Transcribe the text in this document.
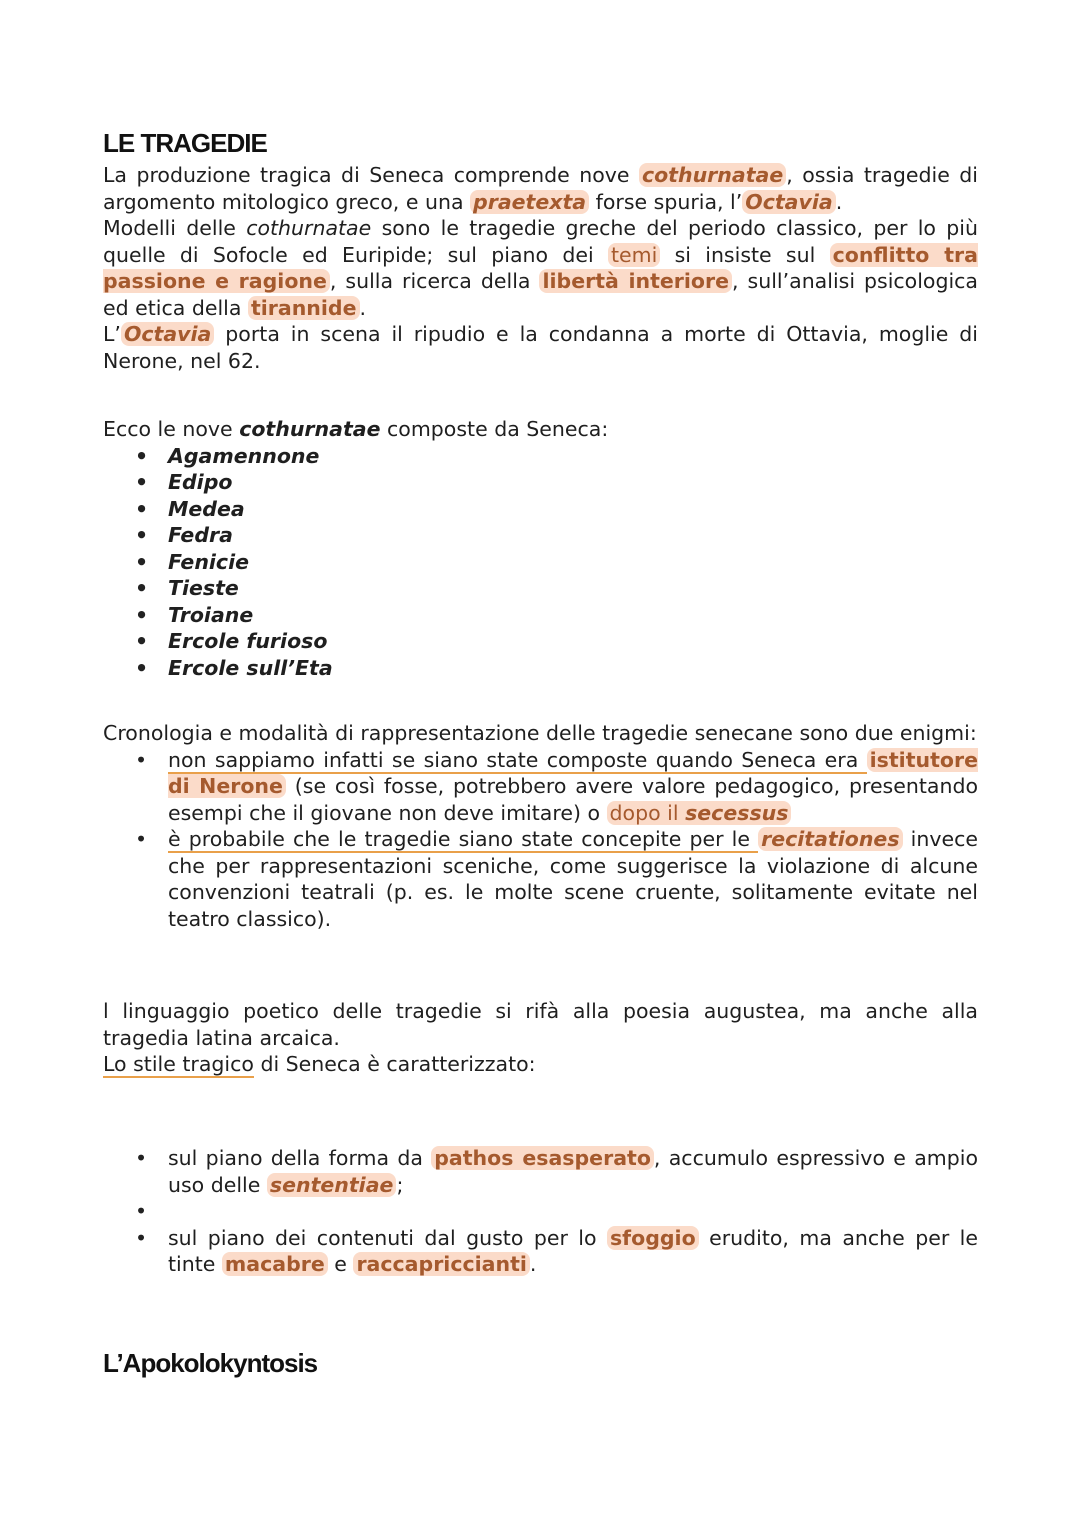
LE TRAGEDIE

La produzione tragica di Seneca comprende nove cothurnatae , ossia tragedie di argomento mitologico greco, e una praetexta forse spuria, l’ Octavia .

Modelli delle cothurnatae sono le tragedie greche del periodo classico, per lo più quelle di Sofocle ed Euripide; sul piano dei temi si insiste sul conflitto tra passione e ragione , sulla ricerca della libertà interiore , sull’analisi psicologica ed etica della tirannide .

L’ Octavia porta in scena il ripudio e la condanna a morte di Ottavia, moglie di Nerone, nel 62.

Ecco le nove cothurnatae composte da Seneca:

• Agamennone
• Edipo
• Medea
• Fedra
• Fenicie
• Tieste
• Troiane
• Ercole furioso
• Ercole sull’Eta

Cronologia e modalità di rappresentazione delle tragedie senecane sono due enigmi:

• non sappiamo infatti se siano state composte quando Seneca era istitutore di Nerone (se così fosse, potrebbero avere valore pedagogico, presentando esempi che il giovane non deve imitare) o dopo il secessus
• è probabile che le tragedie siano state concepite per le recitationes invece che per rappresentazioni sceniche, come suggerisce la violazione di alcune convenzioni teatrali (p. es. le molte scene cruente, solitamente evitate nel teatro classico).

l linguaggio poetico delle tragedie si rifà alla poesia augustea, ma anche alla tragedia latina arcaica.

Lo stile tragico di Seneca è caratterizzato:

• sul piano della forma da pathos esasperato , accumulo espressivo e ampio uso delle sententiae ;
•
• sul piano dei contenuti dal gusto per lo sfoggio erudito, ma anche per le tinte macabre e raccapriccianti .
L’Apokolokyntosis
